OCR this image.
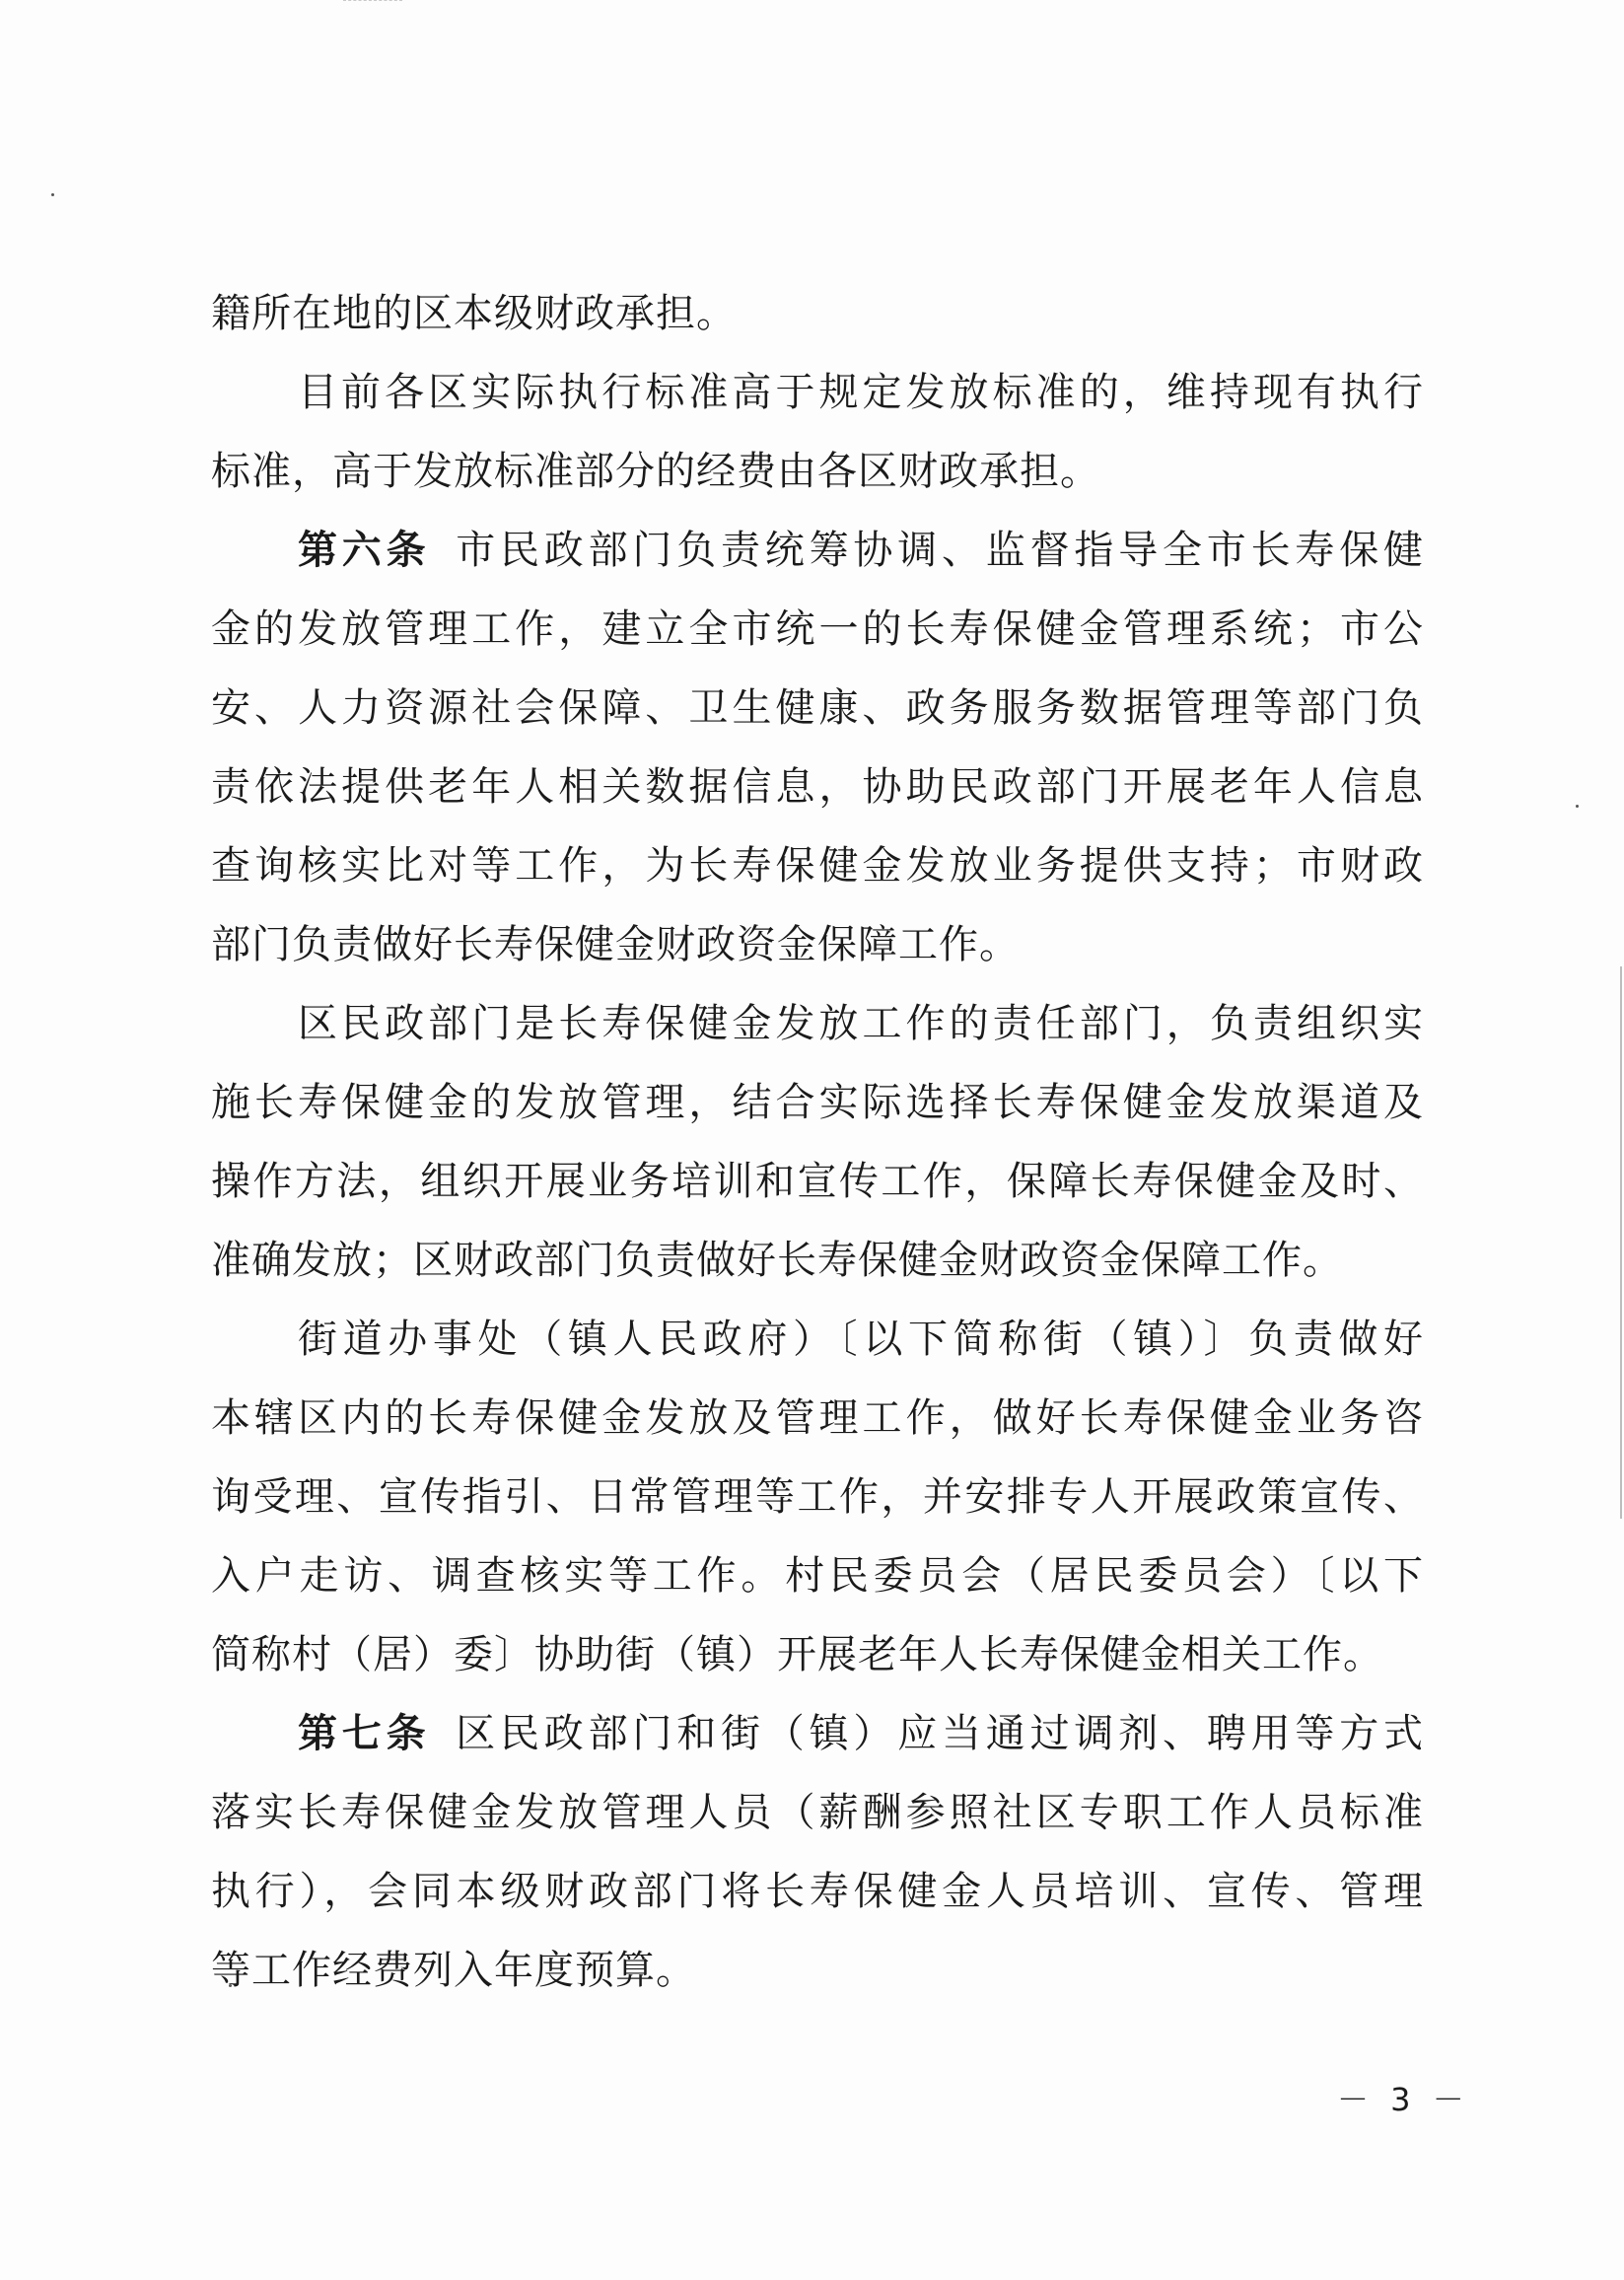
籍所在地的区本级财政承担。
目前各区实际执行标准高于规定发放标准的，维持现有执行
标准，高于发放标准部分的经费由各区财政承担。
第六条 市民政部门负责统筹协调、监督指导全市长寿保健
金的发放管理工作，建立全市统一的长寿保健金管理系统；市公
安、人力资源社会保障、卫生健康、政务服务数据管理等部门负
责依法提供老年人相关数据信息，协助民政部门开展老年人信息
查询核实比对等工作，为长寿保健金发放业务提供支持；市财政
部门负责做好长寿保健金财政资金保障工作。
区民政部门是长寿保健金发放工作的责任部门，负责组织实
施长寿保健金的发放管理，结合实际选择长寿保健金发放渠道及
操作方法，组织开展业务培训和宣传工作，保障长寿保健金及时、
准确发放；区财政部门负责做好长寿保健金财政资金保障工作。
街道办事处（镇人民政府）〔以下简称街（镇）〕负责做好
本辖区内的长寿保健金发放及管理工作，做好长寿保健金业务咨
询受理、宣传指引、日常管理等工作，并安排专人开展政策宣传、
入户走访、调查核实等工作。村民委员会（居民委员会）〔以下
简称村（居）委〕协助街（镇）开展老年人长寿保健金相关工作。
第七条 区民政部门和街（镇）应当通过调剂、聘用等方式
落实长寿保健金发放管理人员（薪酬参照社区专职工作人员标准
执行），会同本级财政部门将长寿保健金人员培训、宣传、管理
等工作经费列入年度预算。
－ 3 －
